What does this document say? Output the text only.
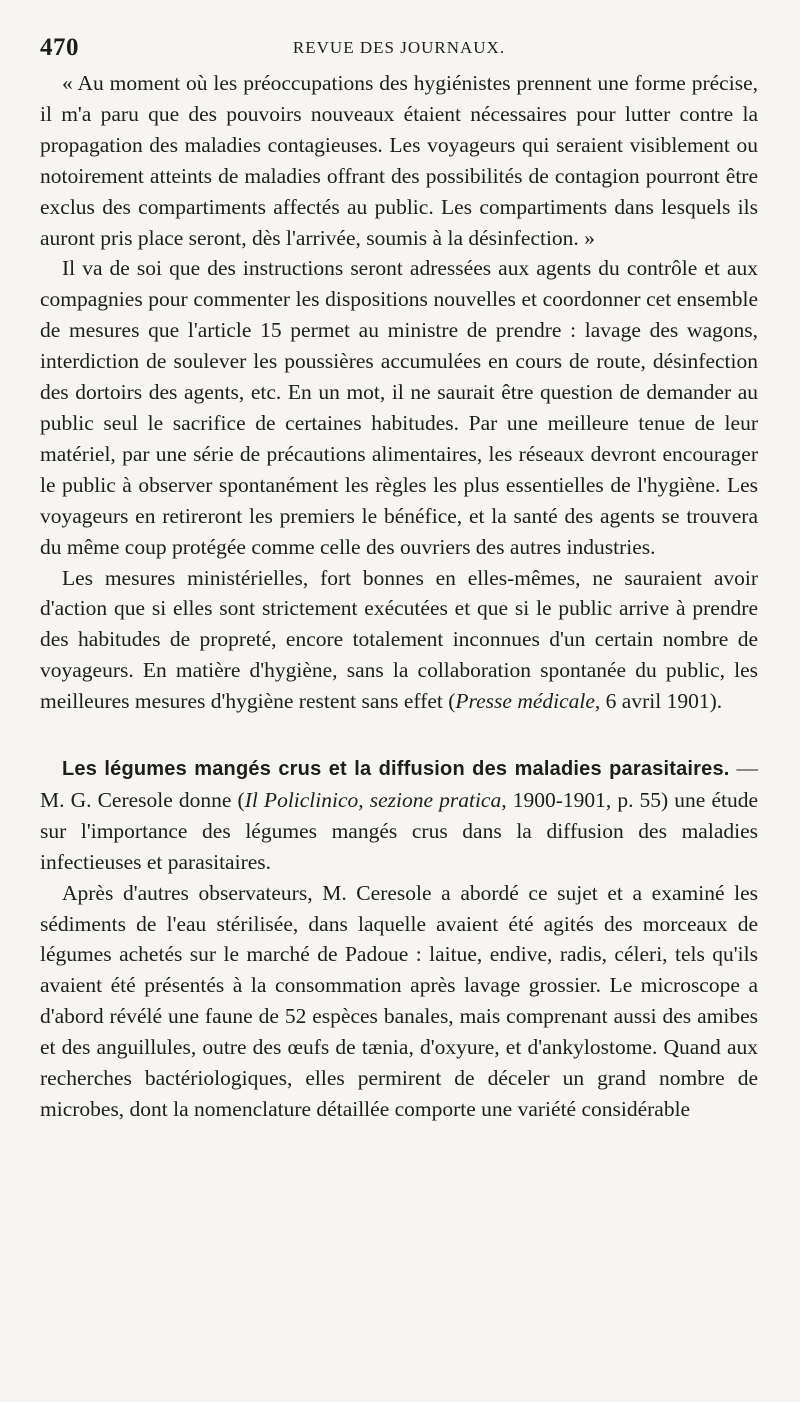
470	REVUE DES JOURNAUX.

« Au moment où les préoccupations des hygiénistes prennent une forme précise, il m'a paru que des pouvoirs nouveaux étaient nécessaires pour lutter contre la propagation des maladies contagieuses. Les voyageurs qui seraient visiblement ou notoirement atteints de maladies offrant des possibilités de contagion pourront être exclus des compartiments affectés au public. Les compartiments dans lesquels ils auront pris place seront, dès l'arrivée, soumis à la désinfection. »

Il va de soi que des instructions seront adressées aux agents du contrôle et aux compagnies pour commenter les dispositions nouvelles et coordonner cet ensemble de mesures que l'article 15 permet au ministre de prendre : lavage des wagons, interdiction de soulever les poussières accumulées en cours de route, désinfection des dortoirs des agents, etc. En un mot, il ne saurait être question de demander au public seul le sacrifice de certaines habitudes. Par une meilleure tenue de leur matériel, par une série de précautions alimentaires, les réseaux devront encourager le public à observer spontanément les règles les plus essentielles de l'hygiène. Les voyageurs en retireront les premiers le bénéfice, et la santé des agents se trouvera du même coup protégée comme celle des ouvriers des autres industries.

Les mesures ministérielles, fort bonnes en elles-mêmes, ne sauraient avoir d'action que si elles sont strictement exécutées et que si le public arrive à prendre des habitudes de propreté, encore totalement inconnues d'un certain nombre de voyageurs. En matière d'hygiène, sans la collaboration spontanée du public, les meilleures mesures d'hygiène restent sans effet (Presse médicale, 6 avril 1901).

Les légumes mangés crus et la diffusion des maladies parasitaires. — M. G. Ceresole donne (Il Policlinico, sezione pratica, 1900-1901, p. 55) une étude sur l'importance des légumes mangés crus dans la diffusion des maladies infectieuses et parasitaires.

Après d'autres observateurs, M. Ceresole a abordé ce sujet et a examiné les sédiments de l'eau stérilisée, dans laquelle avaient été agités des morceaux de légumes achetés sur le marché de Padoue : laitue, endive, radis, céleri, tels qu'ils avaient été présentés à la consommation après lavage grossier. Le microscope a d'abord révélé une faune de 52 espèces banales, mais comprenant aussi des amibes et des anguillules, outre des œufs de tænia, d'oxyure, et d'ankylostome. Quand aux recherches bactériologiques, elles permirent de déceler un grand nombre de microbes, dont la nomenclature détaillée comporte une variété considérable
